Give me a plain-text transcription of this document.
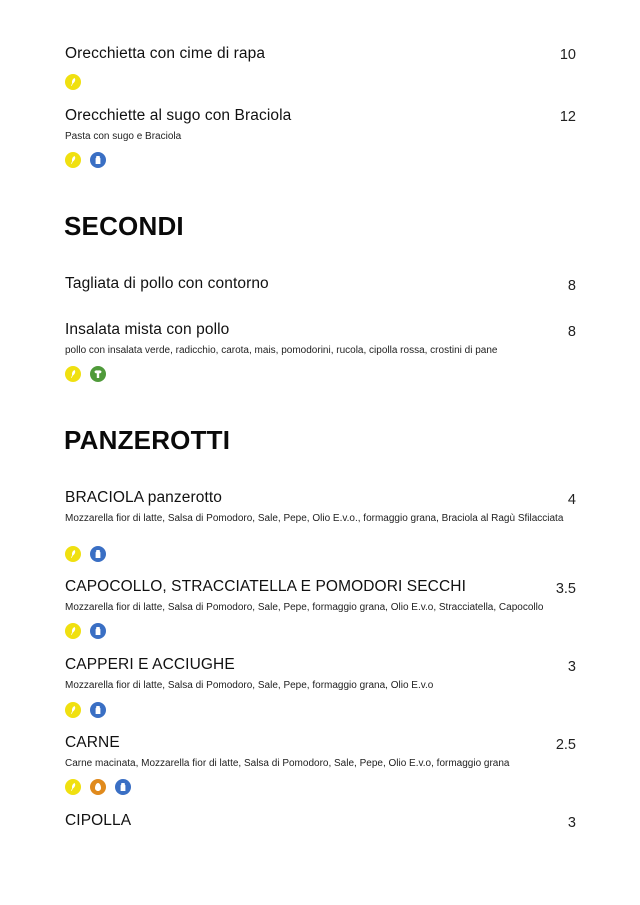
Orecchietta con cime di rapa	10
Orecchiette al sugo con Braciola	12
Pasta con sugo e Braciola
SECONDI
Tagliata di pollo con contorno	8
Insalata mista con pollo	8
pollo con insalata verde, radicchio, carota, mais, pomodorini, rucola, cipolla rossa, crostini di pane
PANZEROTTI
BRACIOLA panzerotto	4
Mozzarella fior di latte, Salsa di Pomodoro, Sale, Pepe, Olio E.v.o., formaggio grana, Braciola al Ragù Sfilacciata
CAPOCOLLO, STRACCIATELLA E POMODORI SECCHI	3.5
Mozzarella fior di latte, Salsa di Pomodoro, Sale, Pepe, formaggio grana, Olio E.v.o, Stracciatella, Capocollo
CAPPERI E ACCIUGHE	3
Mozzarella fior di latte, Salsa di Pomodoro, Sale, Pepe, formaggio grana, Olio E.v.o
CARNE	2.5
Carne macinata, Mozzarella fior di latte, Salsa di Pomodoro, Sale, Pepe, Olio E.v.o, formaggio grana
CIPOLLA	3
